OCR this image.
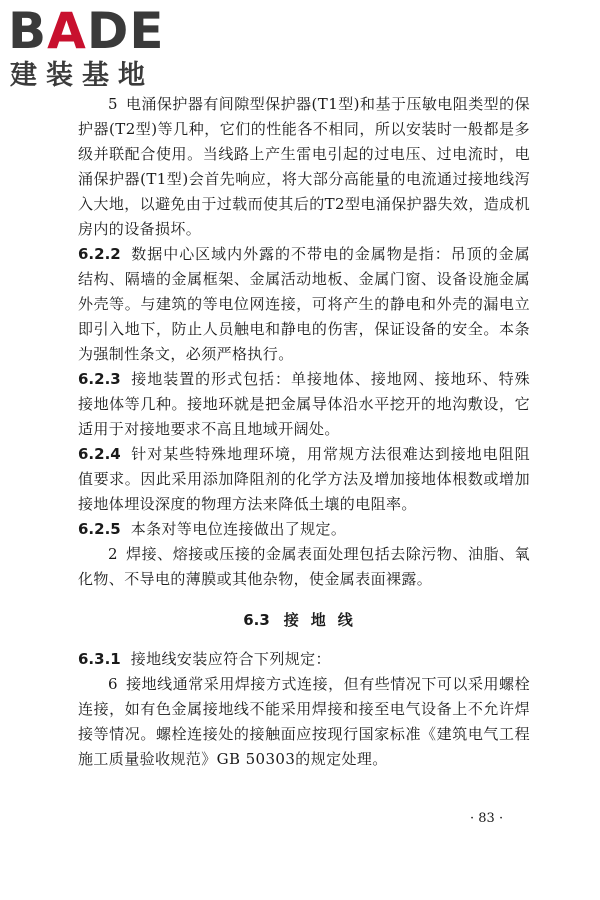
BADE
建装基地

5 电涌保护器有间隙型保护器(T1型)和基于压敏电阻类型的保护器(T2型)等几种，它们的性能各不相同，所以安装时一般都是多级并联配合使用。当线路上产生雷电引起的过电压、过电流时，电涌保护器(T1型)会首先响应，将大部分高能量的电流通过接地线泻入大地，以避免由于过载而使其后的T2型电涌保护器失效，造成机房内的设备损坏。

6.2.2 数据中心区域内外露的不带电的金属物是指：吊顶的金属结构、隔墙的金属框架、金属活动地板、金属门窗、设备设施金属外壳等。与建筑的等电位网连接，可将产生的静电和外壳的漏电立即引入地下，防止人员触电和静电的伤害，保证设备的安全。本条为强制性条文，必须严格执行。

6.2.3 接地装置的形式包括：单接地体、接地网、接地环、特殊接地体等几种。接地环就是把金属导体沿水平挖开的地沟敷设，它适用于对接地要求不高且地域开阔处。

6.2.4 针对某些特殊地理环境，用常规方法很难达到接地电阻阻值要求。因此采用添加降阻剂的化学方法及增加接地体根数或增加接地体埋设深度的物理方法来降低土壤的电阻率。

6.2.5 本条对等电位连接做出了规定。

2 焊接、熔接或压接的金属表面处理包括去除污物、油脂、氧化物、不导电的薄膜或其他杂物，使金属表面裸露。

6.3 接地线

6.3.1 接地线安装应符合下列规定：

6 接地线通常采用焊接方式连接，但有些情况下可以采用螺栓连接，如有色金属接地线不能采用焊接和接至电气设备上不允许焊接等情况。螺栓连接处的接触面应按现行国家标准《建筑电气工程施工质量验收规范》GB 50303的规定处理。

· 83 ·
